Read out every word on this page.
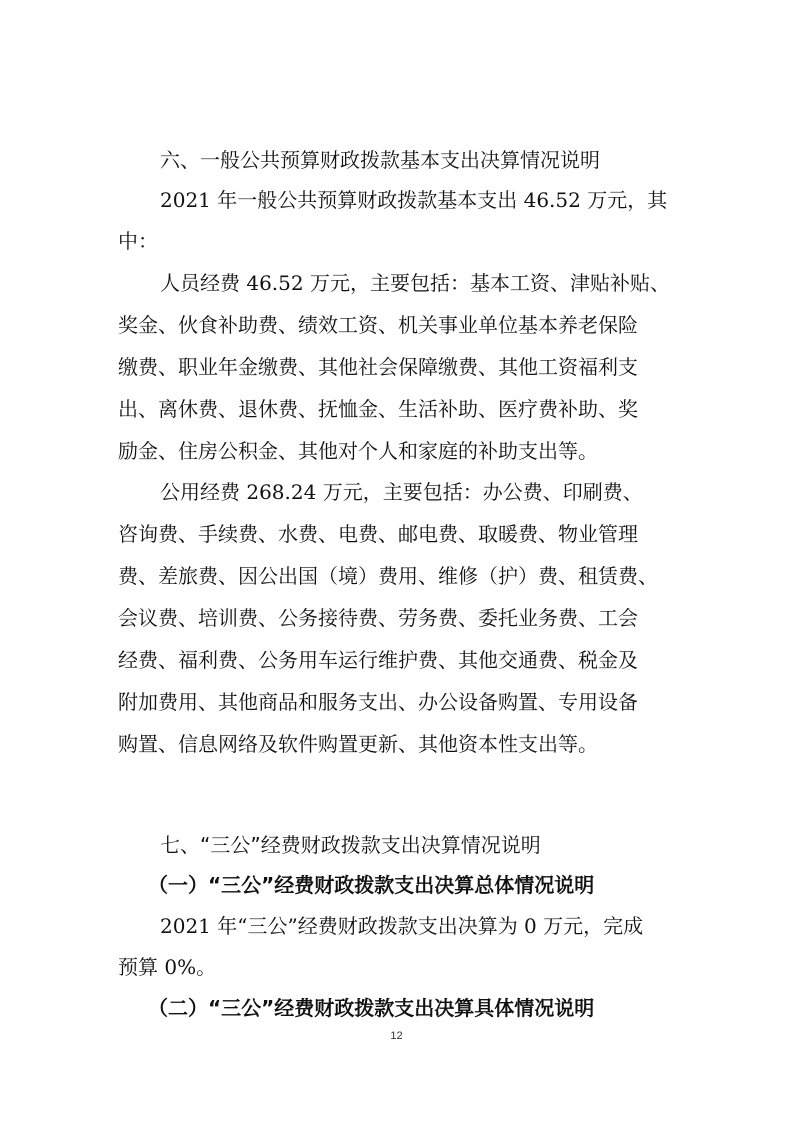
六、一般公共预算财政拨款基本支出决算情况说明
2021 年一般公共预算财政拨款基本支出 46.52 万元，其
中：
人员经费 46.52 万元，主要包括：基本工资、津贴补贴、
奖金、伙食补助费、绩效工资、机关事业单位基本养老保险
缴费、职业年金缴费、其他社会保障缴费、其他工资福利支
出、离休费、退休费、抚恤金、生活补助、医疗费补助、奖
励金、住房公积金、其他对个人和家庭的补助支出等。
公用经费 268.24 万元，主要包括：办公费、印刷费、
咨询费、手续费、水费、电费、邮电费、取暖费、物业管理
费、差旅费、因公出国（境）费用、维修（护）费、租赁费、
会议费、培训费、公务接待费、劳务费、委托业务费、工会
经费、福利费、公务用车运行维护费、其他交通费、税金及
附加费用、其他商品和服务支出、办公设备购置、专用设备
购置、信息网络及软件购置更新、其他资本性支出等。
七、“三公”经费财政拨款支出决算情况说明
（一）“三公”经费财政拨款支出决算总体情况说明
2021 年“三公”经费财政拨款支出决算为 0 万元，完成
预算 0%。
（二）“三公”经费财政拨款支出决算具体情况说明
12
